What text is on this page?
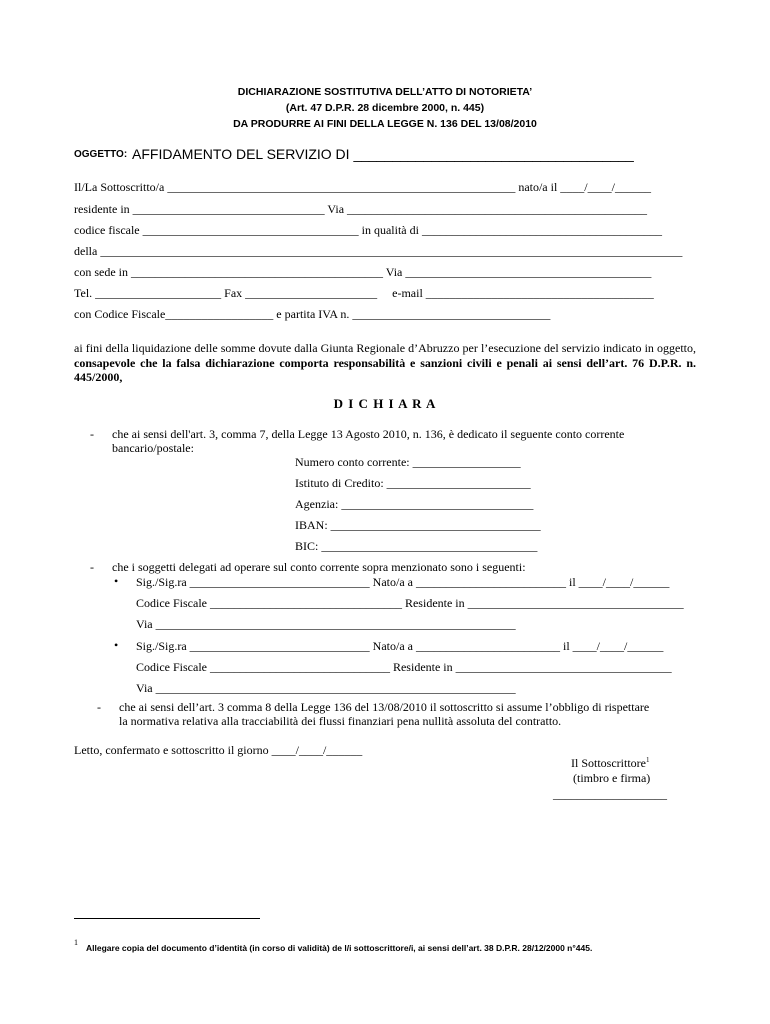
DICHIARAZIONE SOSTITUTIVA DELL’ATTO DI NOTORIETA’
(Art. 47 D.P.R. 28 dicembre 2000, n. 445)
DA PRODURRE AI FINI DELLA LEGGE N. 136 DEL 13/08/2010
OGGETTO: AFFIDAMENTO DEL SERVIZIO DI ____________________________________
Il/La Sottoscritto/a __________________________________________________________ nato/a il ____/____/______
residente in ________________________________ Via __________________________________________________
codice fiscale ____________________________________ in qualità di ________________________________________
della _________________________________________________________________________________________________
con sede in __________________________________________ Via _________________________________________
Tel. _____________________ Fax ______________________     e-mail ______________________________________
con Codice Fiscale__________________ e partita IVA n. _________________________________
ai fini della liquidazione delle somme dovute dalla Giunta Regionale d’Abruzzo per l’esecuzione del servizio indicato in oggetto, consapevole che la falsa dichiarazione comporta responsabilità e sanzioni civili e penali ai sensi dell’art. 76 D.P.R. n. 445/2000,
D I C H I A R A
- che ai sensi dell'art. 3, comma 7, della Legge 13 Agosto 2010, n. 136, è dedicato il seguente conto corrente
bancario/postale:
Numero conto corrente: __________________
Istituto di Credito: ________________________
Agenzia: ________________________________
IBAN: ___________________________________
BIC: ____________________________________
- che i soggetti delegati ad operare sul conto corrente sopra menzionato sono i seguenti:
• Sig./Sig.ra ______________________________ Nato/a a _________________________ il ____/____/______
Codice Fiscale ________________________________ Residente in ____________________________________
Via ____________________________________________________________
• Sig./Sig.ra ______________________________ Nato/a a ________________________ il ____/____/______
Codice Fiscale ______________________________ Residente in ____________________________________
Via ____________________________________________________________
- che ai sensi dell’art. 3 comma 8 della Legge 136 del 13/08/2010 il sottoscritto si assume l’obbligo di rispettare
la normativa relativa alla tracciabilità dei flussi finanziari pena nullità assoluta del contratto.
Letto, confermato e sottoscritto il giorno ____/____/______
Il Sottoscrittore$^1$
(timbro e firma)
___________________
1
Allegare copia del documento d’identità (in corso di validità) de l/i sottoscrittore/i, ai sensi dell’art. 38 D.P.R. 28/12/2000 n°445.
